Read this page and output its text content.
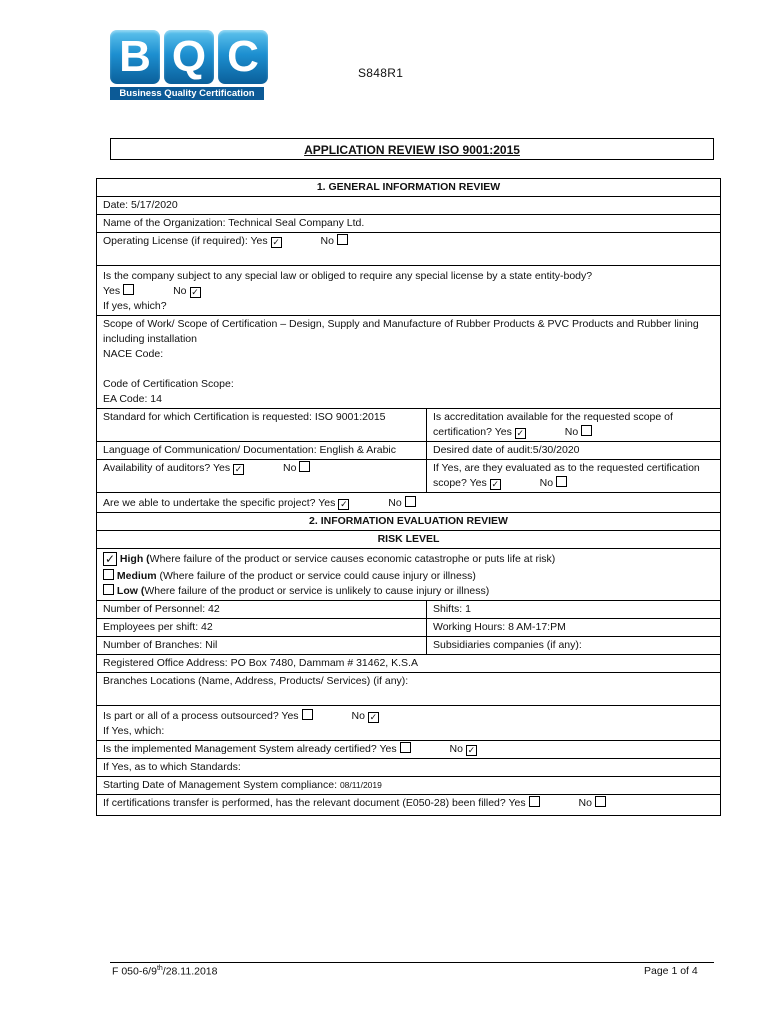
B Q C
Business Quality Certification
S848R1
APPLICATION REVIEW ISO 9001:2015
1. GENERAL INFORMATION REVIEW	
Date: 5/17/2020	
Name of the Organization: Technical Seal Company Ltd.	
Operating License (if required): Yes ✓ No	

Is the company subject to any special law or obliged to require any special license by a state entity-body?
Yes No ✓
If yes, which?	

Scope of Work/ Scope of Certification – Design, Supply and Manufacture of Rubber Products & PVC Products and Rubber lining including installation
NACE Code:
Code of Certification Scope:
EA Code: 14	

Standard for which Certification is requested: ISO 9001:2015	Is accreditation available for the requested scope of certification? Yes ✓ No
Language of Communication/ Documentation: English & Arabic	Desired date of audit:5/30/2020
Availability of auditors? Yes ✓ No	If Yes, are they evaluated as to the requested certification scope? Yes ✓ No
Are we able to undertake the specific project? Yes ✓ No	
2. INFORMATION EVALUATION REVIEW	
RISK LEVEL	

✓ High (Where failure of the product or service causes economic catastrophe or puts life at risk)
Medium (Where failure of the product or service could cause injury or illness)
Low (Where failure of the product or service is unlikely to cause injury or illness)	

Number of Personnel: 42	Shifts: 1
Employees per shift: 42	Working Hours: 8 AM-17:PM
Number of Branches: Nil	Subsidiaries companies (if any):
Registered Office Address: PO Box 7480, Dammam # 31462, K.S.A	
Branches Locations (Name, Address, Products/ Services) (if any):	

Is part or all of a process outsourced? Yes No ✓
If Yes, which:	

Is the implemented Management System already certified? Yes No ✓	
If Yes, as to which Standards:	
Starting Date of Management System compliance: 08/11/2019	
If certifications transfer is performed, has the relevant document (E050-28) been filled? Yes No	
F 050-6/9th/28.11.2018	Page 1 of 4
